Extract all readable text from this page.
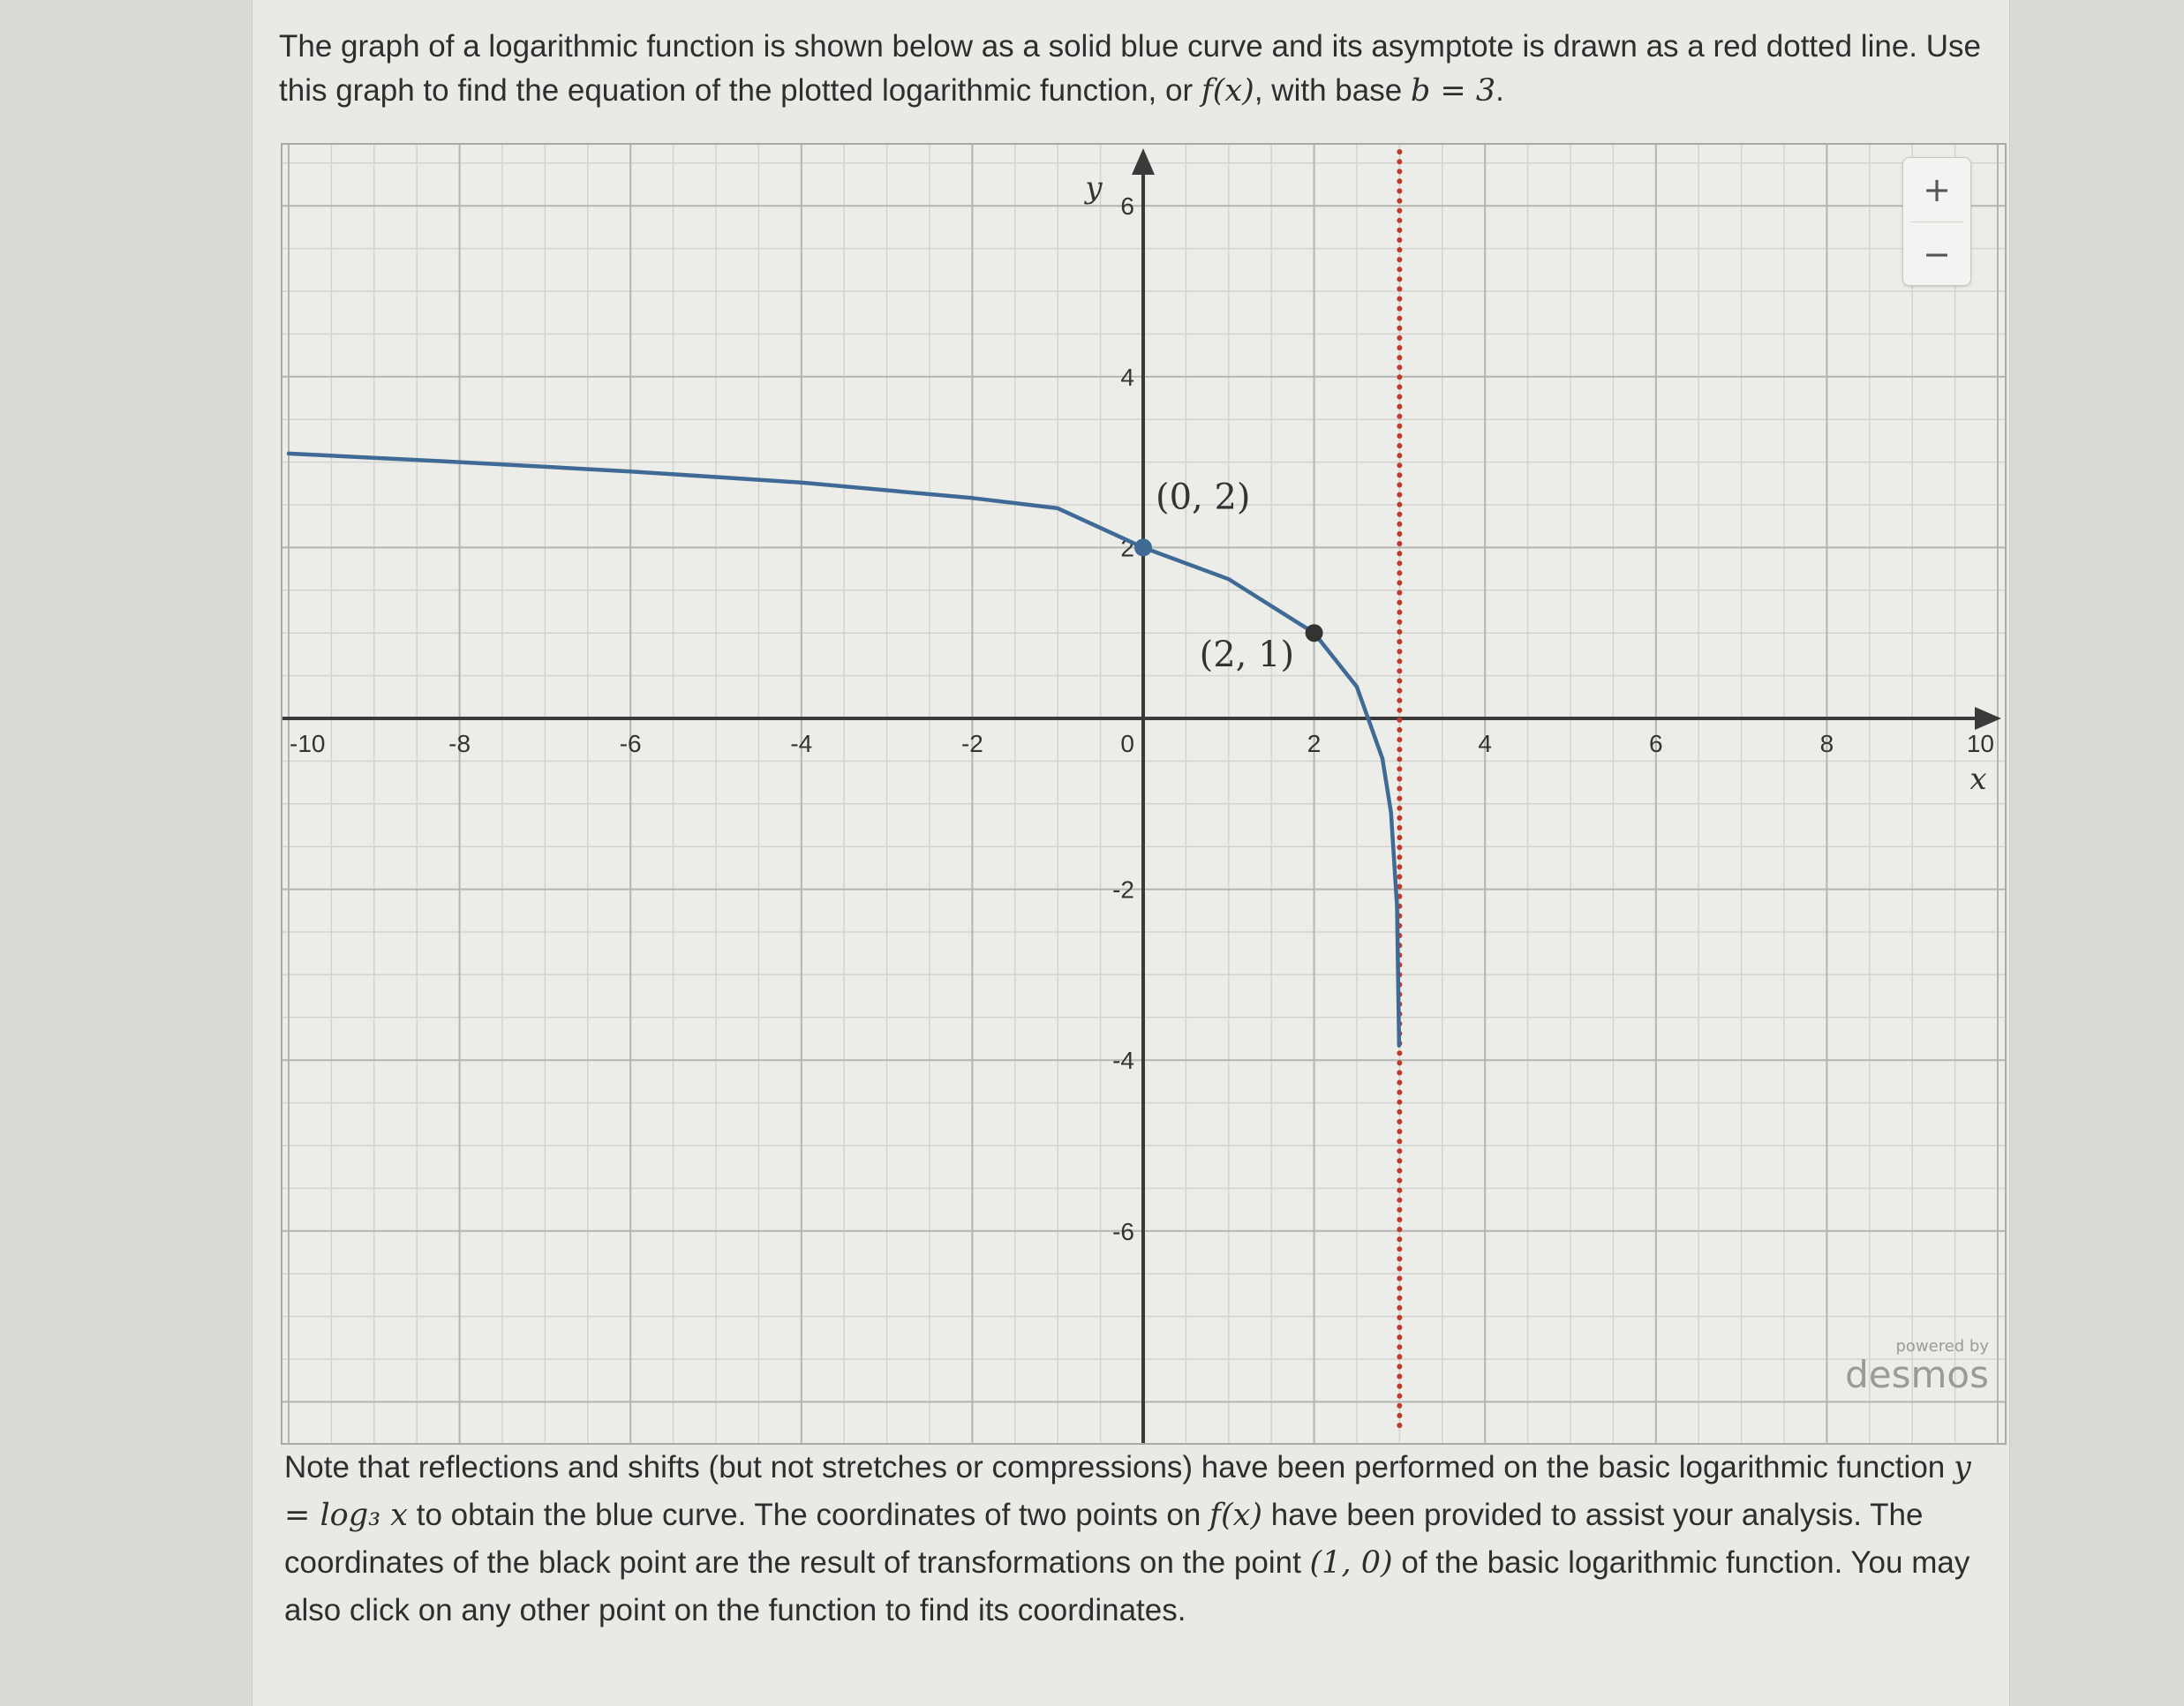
The graph of a logarithmic function is shown below as a solid blue curve and its asymptote is drawn as a red dotted line. Use this graph to find the equation of the plotted logarithmic function, or f(x), with base b = 3.

-10	-8	-6	-4	-2	0	2	4	6	8	10
-6
-4
-2
2
4
6
x
y
(0, 2)
(2, 1)
+
−
powered by
desmos

Note that reflections and shifts (but not stretches or compressions) have been performed on the basic logarithmic function y = log₃ x to obtain the blue curve. The coordinates of two points on f(x) have been provided to assist your analysis. The coordinates of the black point are the result of transformations on the point (1, 0) of the basic logarithmic function. You may also click on any other point on the function to find its coordinates.
